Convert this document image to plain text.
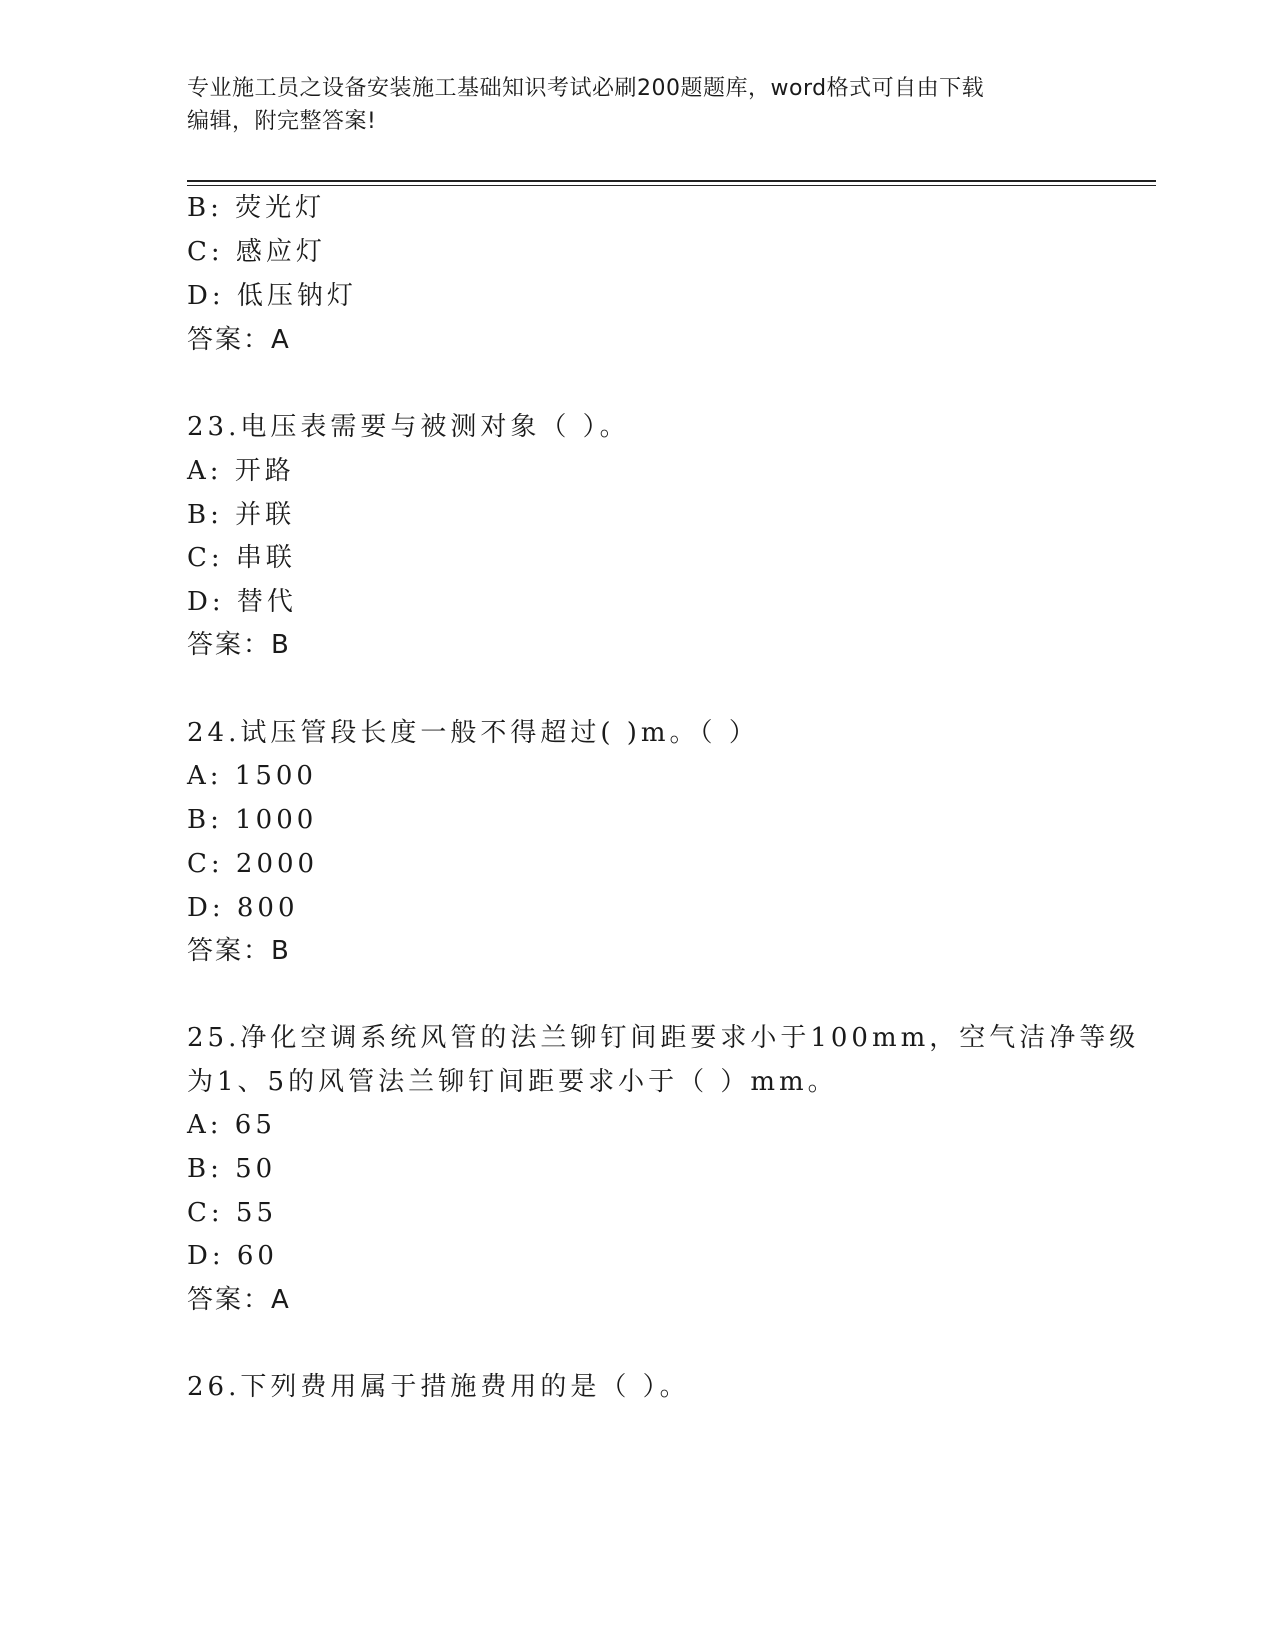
专业施工员之设备安装施工基础知识考试必刷200题题库，word格式可自由下载
编辑，附完整答案!
B: 荧光灯
C: 感应灯
D: 低压钠灯
答案：A
23.电压表需要与被测对象（ ）。
A: 开路
B: 并联
C: 串联
D: 替代
答案：B
24.试压管段长度一般不得超过( )m。（ ）
A: 1500
B: 1000
C: 2000
D: 800
答案：B
25.净化空调系统风管的法兰铆钉间距要求小于100mm，空气洁净等级
为1、5的风管法兰铆钉间距要求小于（ ）mm。
A: 65
B: 50
C: 55
D: 60
答案：A
26.下列费用属于措施费用的是（ ）。
